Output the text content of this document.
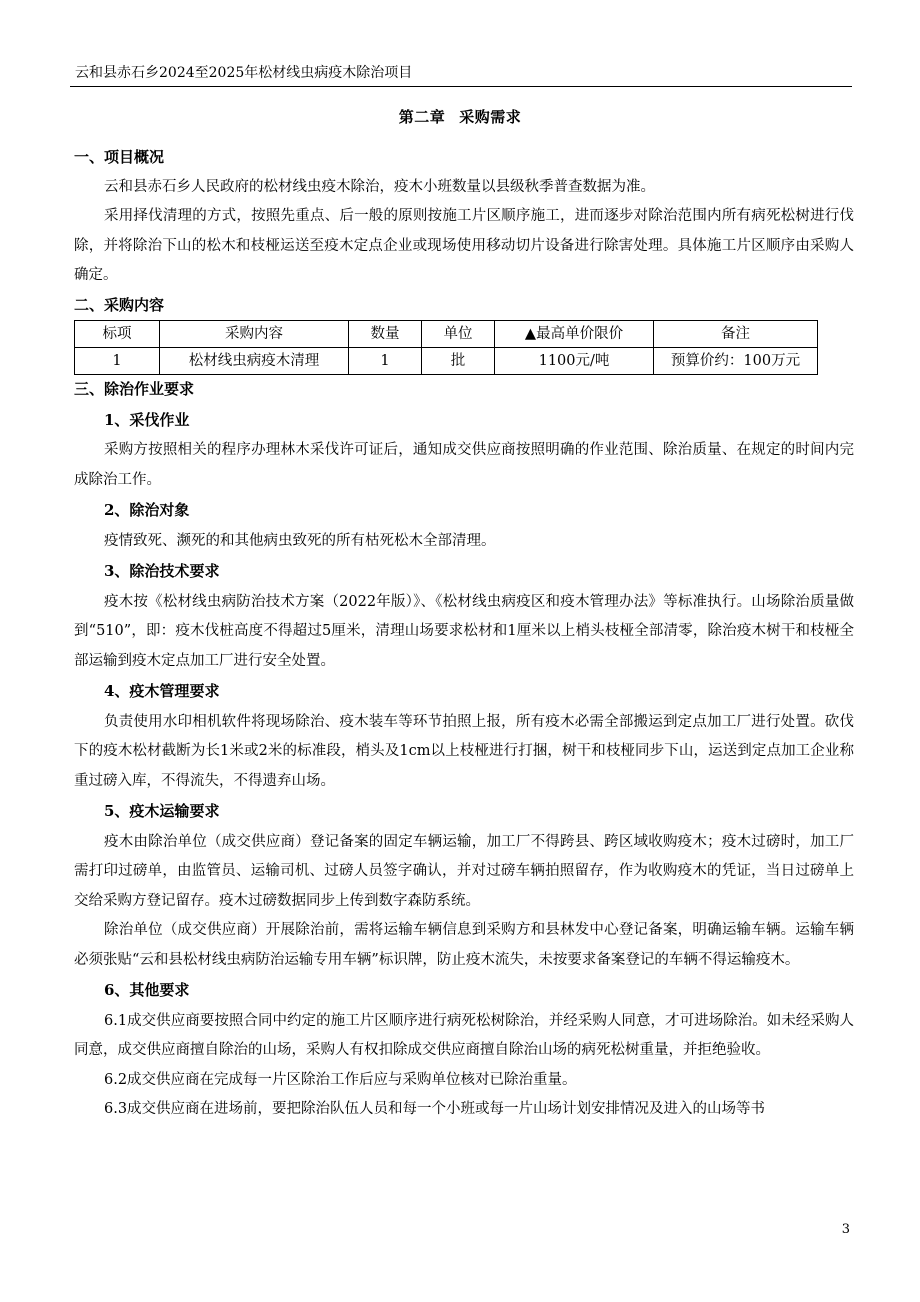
云和县赤石乡2024至2025年松材线虫病疫木除治项目
第二章 采购需求
一、项目概况
云和县赤石乡人民政府的松材线虫疫木除治，疫木小班数量以县级秋季普查数据为准。
采用择伐清理的方式，按照先重点、后一般的原则按施工片区顺序施工，进而逐步对除治范围内所有病死松树进行伐除，并将除治下山的松木和枝桠运送至疫木定点企业或现场使用移动切片设备进行除害处理。具体施工片区顺序由采购人确定。
二、采购内容
标项	采购内容	数量	单位	▲最高单价限价	备注
1	松材线虫病疫木清理	1	批	1100元/吨	预算价约：100万元
三、除治作业要求
1、采伐作业
采购方按照相关的程序办理林木采伐许可证后，通知成交供应商按照明确的作业范围、除治质量、在规定的时间内完成除治工作。
2、除治对象
疫情致死、濒死的和其他病虫致死的所有枯死松木全部清理。
3、除治技术要求
疫木按《松材线虫病防治技术方案（2022年版）》、《松材线虫病疫区和疫木管理办法》等标准执行。山场除治质量做到“510”，即：疫木伐桩高度不得超过5厘米，清理山场要求松材和1厘米以上梢头枝桠全部清零，除治疫木树干和枝桠全部运输到疫木定点加工厂进行安全处置。
4、疫木管理要求
负责使用水印相机软件将现场除治、疫木装车等环节拍照上报，所有疫木必需全部搬运到定点加工厂进行处置。砍伐下的疫木松材截断为长1米或2米的标准段，梢头及1cm以上枝桠进行打捆，树干和枝桠同步下山，运送到定点加工企业称重过磅入库，不得流失，不得遗弃山场。
5、疫木运输要求
疫木由除治单位（成交供应商）登记备案的固定车辆运输，加工厂不得跨县、跨区域收购疫木；疫木过磅时，加工厂需打印过磅单，由监管员、运输司机、过磅人员签字确认，并对过磅车辆拍照留存，作为收购疫木的凭证，当日过磅单上交给采购方登记留存。疫木过磅数据同步上传到数字森防系统。
除治单位（成交供应商）开展除治前，需将运输车辆信息到采购方和县林发中心登记备案，明确运输车辆。运输车辆必须张贴“云和县松材线虫病防治运输专用车辆”标识牌，防止疫木流失，未按要求备案登记的车辆不得运输疫木。
6、其他要求
6.1成交供应商要按照合同中约定的施工片区顺序进行病死松树除治，并经采购人同意，才可进场除治。如未经采购人同意，成交供应商擅自除治的山场，采购人有权扣除成交供应商擅自除治山场的病死松树重量，并拒绝验收。
6.2成交供应商在完成每一片区除治工作后应与采购单位核对已除治重量。
6.3成交供应商在进场前，要把除治队伍人员和每一个小班或每一片山场计划安排情况及进入的山场等书
3
